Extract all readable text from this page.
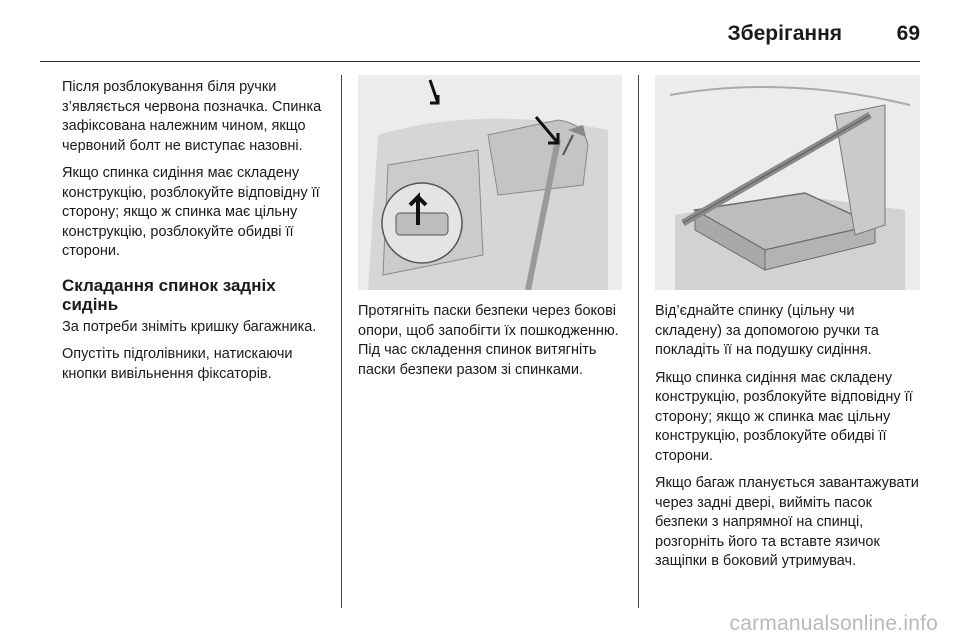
Зберігання	69

Після розблокування біля ручки з’являється червона позначка. Спинка зафіксована належним чином, якщо червоний болт не виступає назовні.

Якщо спинка сидіння має складену конструкцію, розблокуйте відповідну її сторону; якщо ж спинка має цільну конструкцію, розблокуйте обидві її сторони.

Складання спинок задніх сидінь

За потреби зніміть кришку багажника.

Опустіть підголівники, натискаючи кнопки вивільнення фіксаторів.

Протягніть паски безпеки через бокові опори, щоб запобігти їх пошкодженню. Під час складення спинок витягніть паски безпеки разом зі спинками.

Від’єднайте спинку (цільну чи складену) за допомогою ручки та покладіть її на подушку сидіння.

Якщо спинка сидіння має складену конструкцію, розблокуйте відповідну її сторону; якщо ж спинка має цільну конструкцію, розблокуйте обидві її сторони.

Якщо багаж планується завантажувати через задні двері, вийміть пасок безпеки з напрямної на спинці, розгорніть його та вставте язичок защіпки в боковий утримувач.

carmanualsonline.info
